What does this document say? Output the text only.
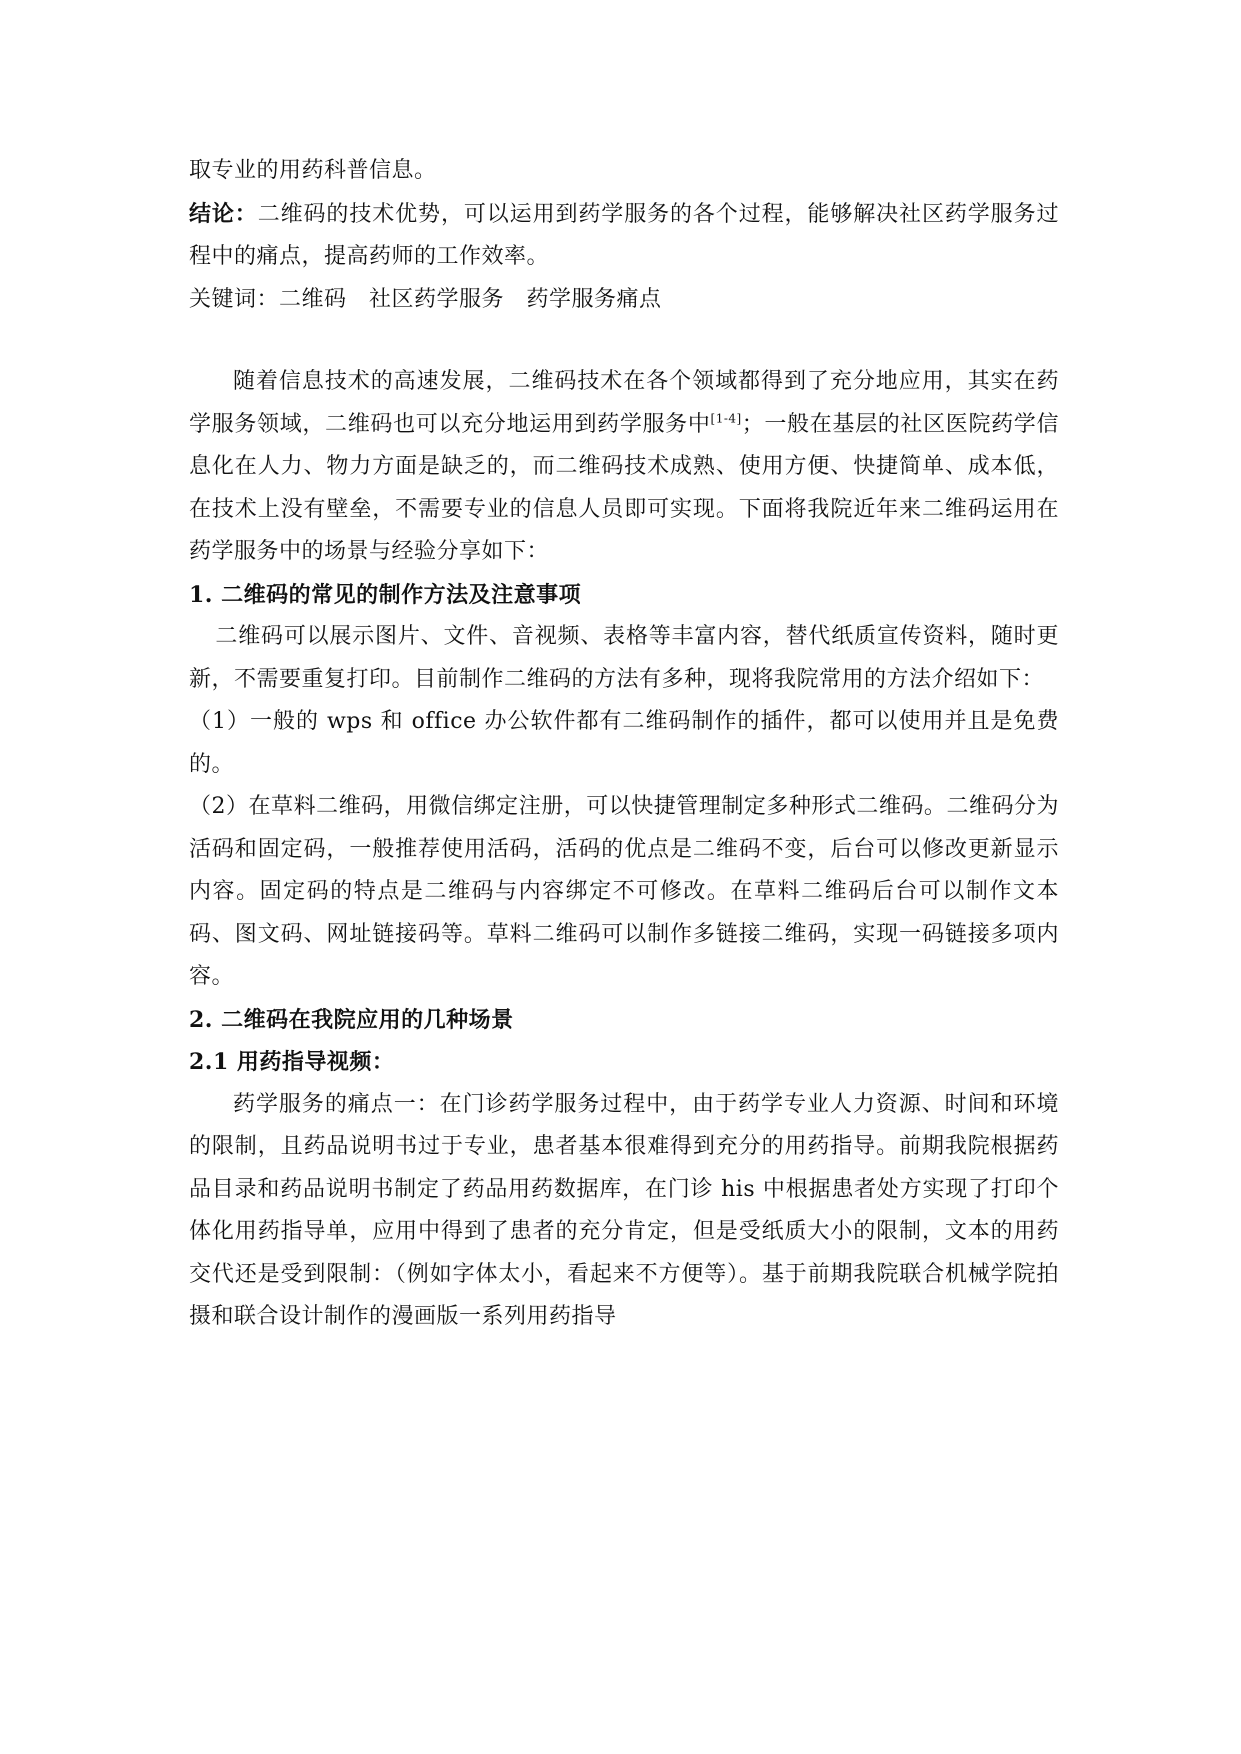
取专业的用药科普信息。

结论：二维码的技术优势，可以运用到药学服务的各个过程，能够解决社区药学服务过程中的痛点，提高药师的工作效率。

关键词：二维码  社区药学服务  药学服务痛点

随着信息技术的高速发展，二维码技术在各个领域都得到了充分地应用，其实在药学服务领域，二维码也可以充分地运用到药学服务中[1-4]；一般在基层的社区医院药学信息化在人力、物力方面是缺乏的，而二维码技术成熟、使用方便、快捷简单、成本低，在技术上没有壁垒，不需要专业的信息人员即可实现。下面将我院近年来二维码运用在药学服务中的场景与经验分享如下：

1. 二维码的常见的制作方法及注意事项

二维码可以展示图片、文件、音视频、表格等丰富内容，替代纸质宣传资料，随时更新，不需要重复打印。目前制作二维码的方法有多种，现将我院常用的方法介绍如下：

（1）一般的 wps 和 office 办公软件都有二维码制作的插件，都可以使用并且是免费的。

（2）在草料二维码，用微信绑定注册，可以快捷管理制定多种形式二维码。二维码分为活码和固定码，一般推荐使用活码，活码的优点是二维码不变，后台可以修改更新显示内容。固定码的特点是二维码与内容绑定不可修改。在草料二维码后台可以制作文本码、图文码、网址链接码等。草料二维码可以制作多链接二维码，实现一码链接多项内容。

2. 二维码在我院应用的几种场景

2.1 用药指导视频：

药学服务的痛点一：在门诊药学服务过程中，由于药学专业人力资源、时间和环境的限制，且药品说明书过于专业，患者基本很难得到充分的用药指导。前期我院根据药品目录和药品说明书制定了药品用药数据库，在门诊 his 中根据患者处方实现了打印个体化用药指导单，应用中得到了患者的充分肯定，但是受纸质大小的限制，文本的用药交代还是受到限制：（例如字体太小，看起来不方便等）。基于前期我院联合机械学院拍摄和联合设计制作的漫画版一系列用药指导
